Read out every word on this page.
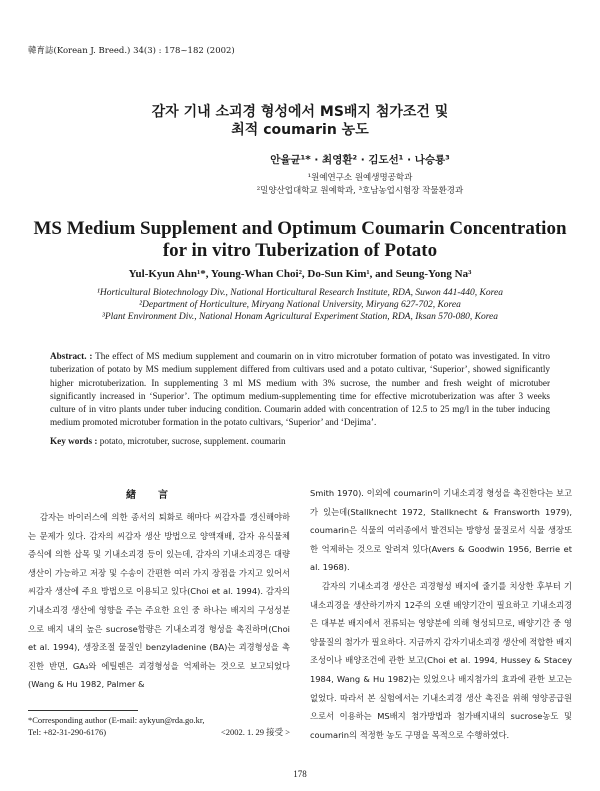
韓育誌(Korean J. Breed.) 34(3) : 178~182 (2002)
감자 기내 소괴경 형성에서 MS배지 첨가조건 및
최적 coumarin 농도
안율균¹* · 최영환² · 김도선¹ · 나승룡³
¹원예연구소 원예생명공학과
²밀양산업대학교 원예학과, ³호남농업시험장 작물환경과
MS Medium Supplement and Optimum Coumarin Concentration
for in vitro Tuberization of Potato
Yul-Kyun Ahn¹*, Young-Whan Choi², Do-Sun Kim¹, and Seung-Yong Na³
¹Horticultural Biotechnology Div., National Horticultural Research Institute, RDA, Suwon 441-440, Korea
²Department of Horticulture, Miryang National University, Miryang 627-702, Korea
³Plant Environment Div., National Honam Agricultural Experiment Station, RDA, Iksan 570-080, Korea
Abstract. : The effect of MS medium supplement and coumarin on in vitro microtuber formation of potato was investigated. In vitro tuberization of potato by MS medium supplement differed from cultivars used and a potato cultivar, ‘Superior’, showed significantly higher microtuberization. In supplementing 3 ml MS medium with 3% sucrose, the number and fresh weight of microtuber significantly increased in ‘Superior’. The optimum medium-supplementing time for effective microtuberization was after 3 weeks culture of in vitro plants under tuber inducing condition. Coumarin added with concentration of 12.5 to 25 mg/l in the tuber inducing medium promoted microtuber formation in the potato cultivars, ‘Superior’ and ‘Dejima’.
Key words : potato, microtuber, sucrose, supplement. coumarin
緖言

감자는 바이러스에 의한 종서의 퇴화로 해마다 씨감자를 갱신해야하는 문제가 있다. 감자의 씨감자 생산 방법으로 양액재배, 감자 유식물체 증식에 의한 삽목 및 기내소괴경 등이 있는데, 감자의 기내소괴경은 대량생산이 가능하고 저장 및 수송이 간편한 여러 가지 장점을 가지고 있어서 씨감자 생산에 주요 방법으로 이용되고 있다(Choi et al. 1994). 감자의 기내소괴경 생산에 영향을 주는 주요한 요인 중 하나는 배지의 구성성분으로 배지 내의 높은 sucrose함량은 기내소괴경 형성을 촉진하며(Choi et al. 1994), 생장조절 물질인 benzyladenine (BA)는 괴경형성을 촉진한 반면, GA₃와 에틸렌은 괴경형성을 억제하는 것으로 보고되었다(Wang & Hu 1982, Palmer &

Smith 1970). 이외에 coumarin이 기내소괴경 형성을 촉진한다는 보고가 있는데(Stallknecht 1972, Stallknecht & Fransworth 1979), coumarin은 식물의 여러종에서 발견되는 방향성 물질로서 식물 생장또한 억제하는 것으로 알려져 있다(Avers & Goodwin 1956, Berrie et al. 1968).

감자의 기내소괴경 생산은 괴경형성 배지에 줄기를 치상한 후부터 기내소괴경을 생산하기까지 12주의 오랜 배양기간이 필요하고 기내소괴경은 대부분 배지에서 전류되는 영양분에 의해 형성되므로, 배양기간 중 영양물질의 첨가가 필요하다. 지금까지 감자기내소괴경 생산에 적합한 배지조성이나 배양조건에 관한 보고(Choi et al. 1994, Hussey & Stacey 1984, Wang & Hu 1982)는 있었으나 배지첨가의 효과에 관한 보고는 없었다. 따라서 본 실험에서는 기내소괴경 생산 촉진을 위해 영양공급원으로서 이용하는 MS배지 첨가방법과 첨가배지내의 sucrose농도 및 coumarin의 적정한 농도 구명을 목적으로 수행하였다.

*Corresponding author (E-mail: aykyun@rda.go.kr,
Tel: +82-31-290-6176)	<2002. 1. 29 接受 >
178
